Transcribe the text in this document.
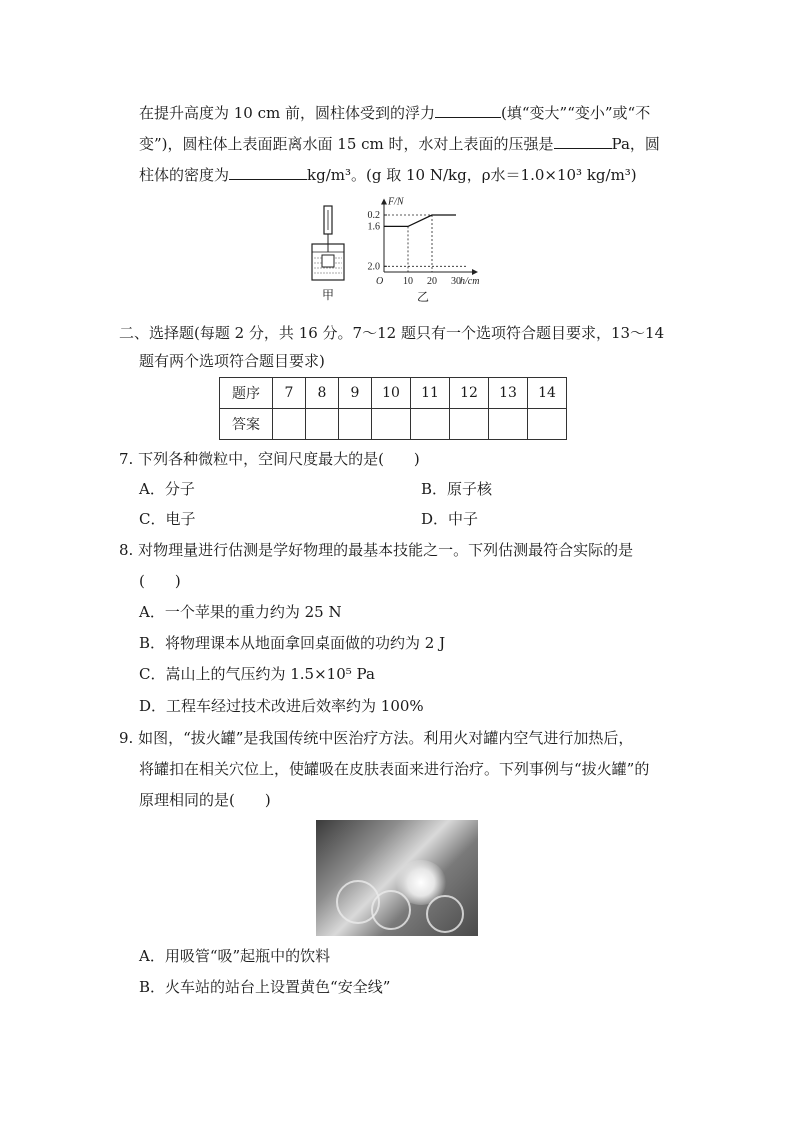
在提升高度为 10 cm 前，圆柱体受到的浮力	(填“变大”“变小”或“不
变”)，圆柱体上表面距离水面 15 cm 时，水对上表面的压强是	Pa，圆
柱体的密度为	kg/m³。(g 取 10 N/kg，ρ水＝1.0×10³ kg/m³)
甲
2.0
1.6
0.2
10 20 30
F/N
h/cm
O
乙
二、选择题(每题 2 分，共 16 分。7～12 题只有一个选项符合题目要求，13～14
题有两个选项符合题目要求)
题序	7	8	9	10	11	12	13	14
答案								
7. 下列各种微粒中，空间尺度最大的是(　　)
A．分子	B．原子核
C．电子	D．中子
8. 对物理量进行估测是学好物理的最基本技能之一。下列估测最符合实际的是
(　　)
A．一个苹果的重力约为 25 N
B．将物理课本从地面拿回桌面做的功约为 2 J
C．嵩山上的气压约为 1.5×10⁵ Pa
D．工程车经过技术改进后效率约为 100%
9. 如图，“拔火罐”是我国传统中医治疗方法。利用火对罐内空气进行加热后，
将罐扣在相关穴位上，使罐吸在皮肤表面来进行治疗。下列事例与“拔火罐”的
原理相同的是(　　)
A．用吸管“吸”起瓶中的饮料
B．火车站的站台上设置黄色“安全线”
